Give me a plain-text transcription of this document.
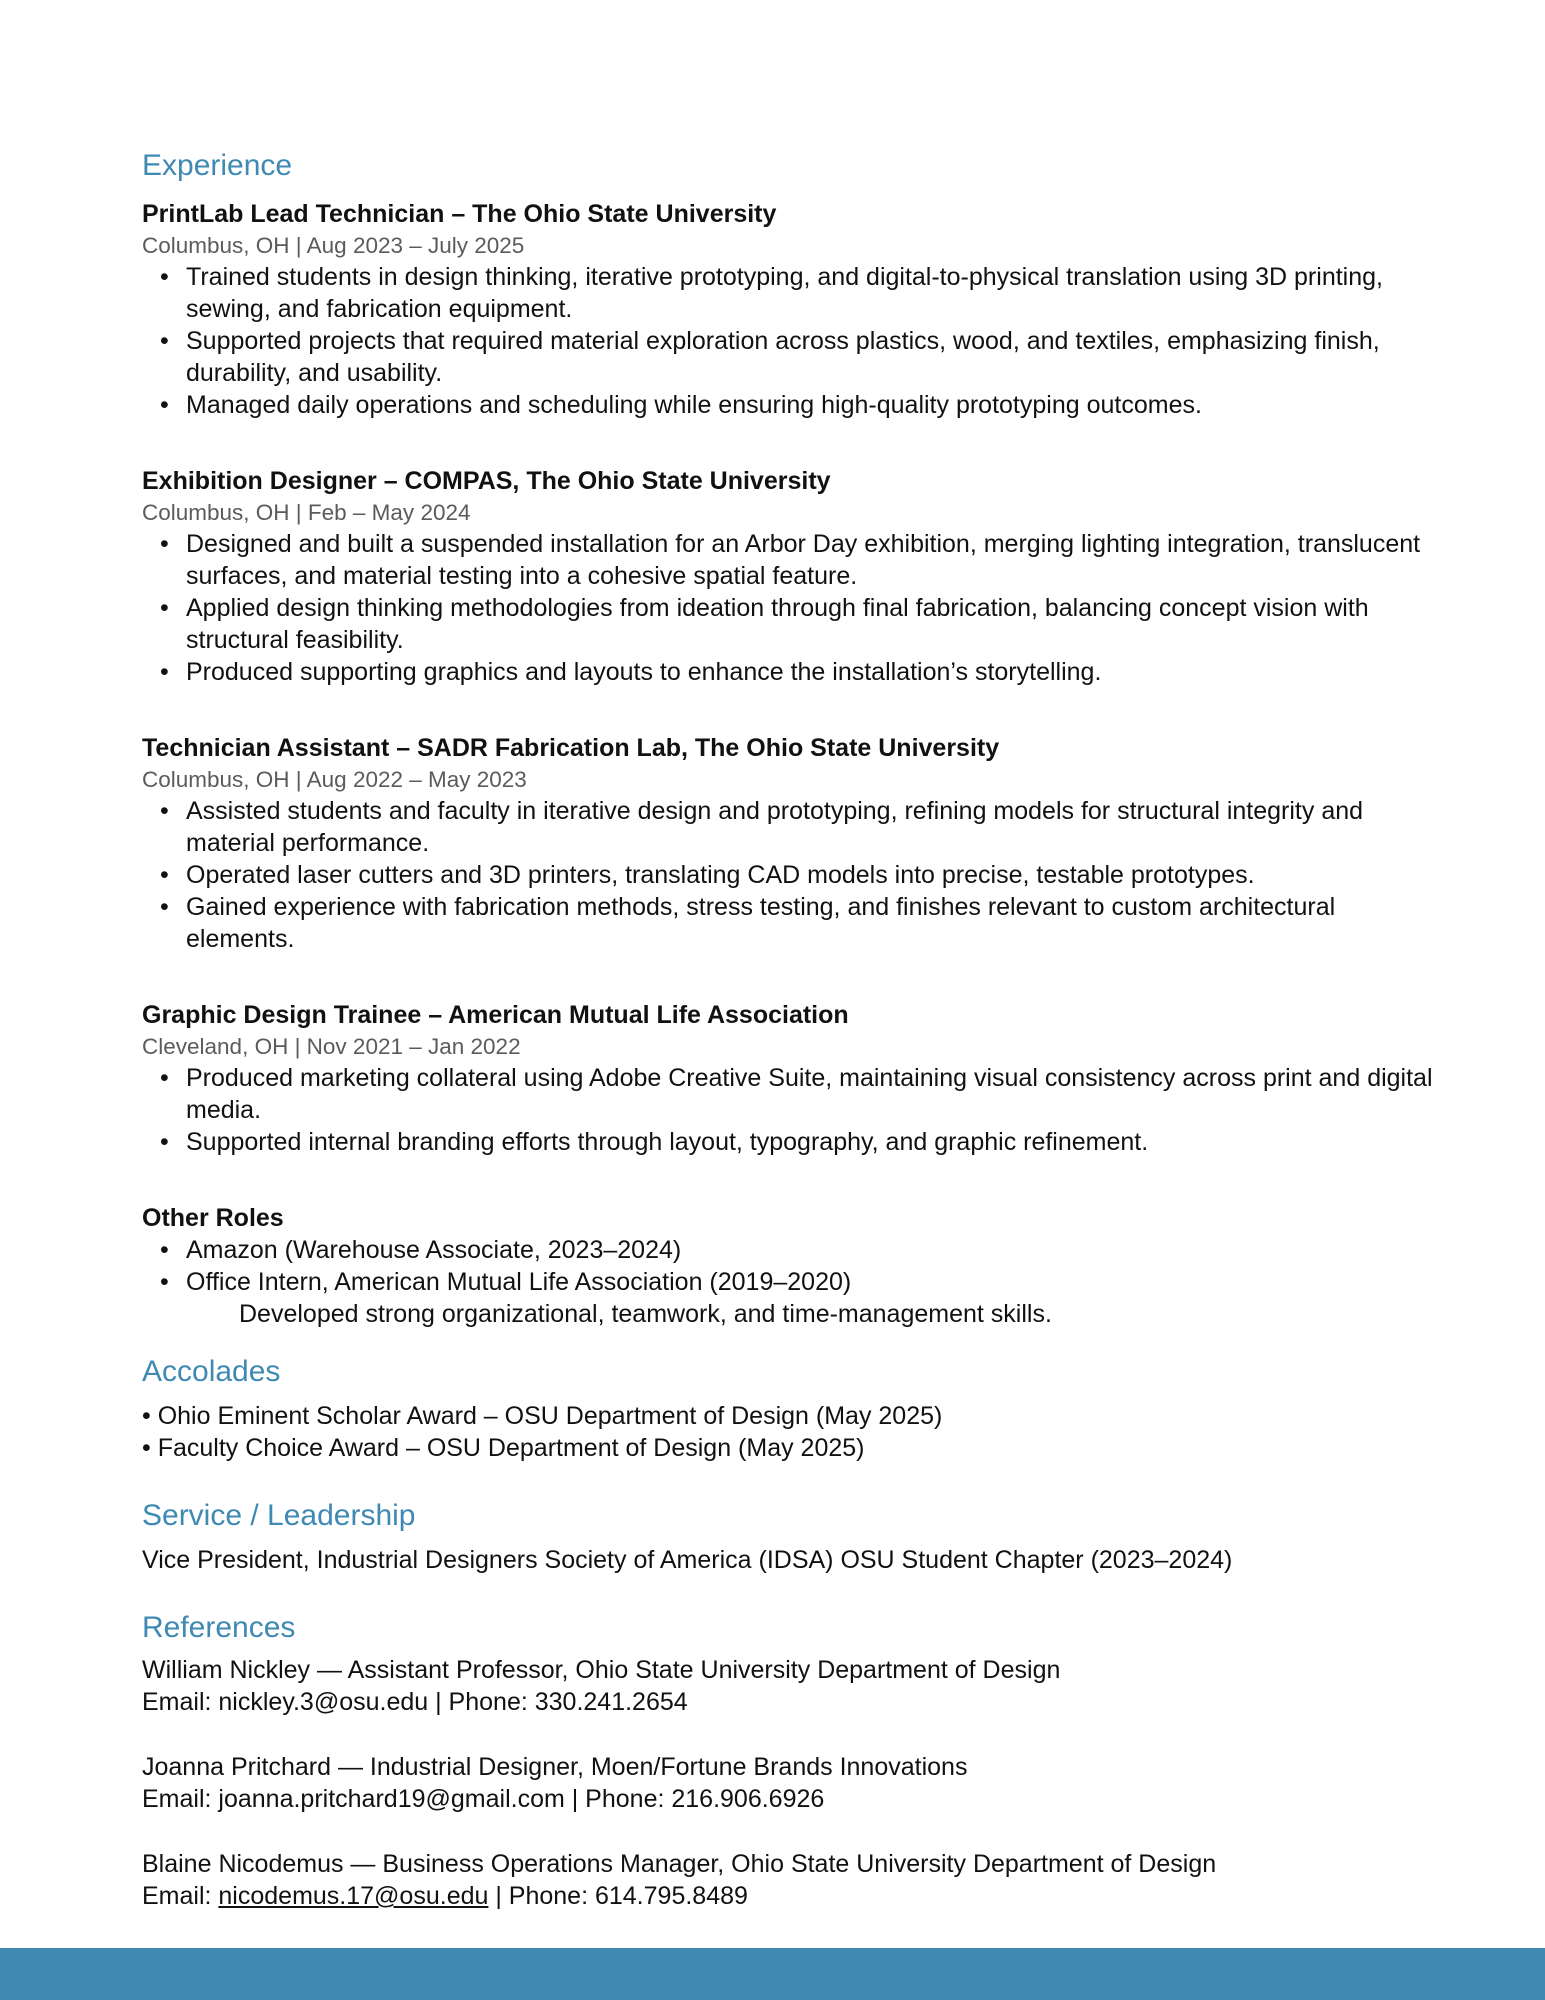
Experience

PrintLab Lead Technician – The Ohio State University

Columbus, OH | Aug 2023 – July 2025

• Trained students in design thinking, iterative prototyping, and digital-to-physical translation using 3D printing, sewing, and fabrication equipment.
• Supported projects that required material exploration across plastics, wood, and textiles, emphasizing finish, durability, and usability.
• Managed daily operations and scheduling while ensuring high-quality prototyping outcomes.

Exhibition Designer – COMPAS, The Ohio State University

Columbus, OH | Feb – May 2024

• Designed and built a suspended installation for an Arbor Day exhibition, merging lighting integration, translucent surfaces, and material testing into a cohesive spatial feature.
• Applied design thinking methodologies from ideation through final fabrication, balancing concept vision with structural feasibility.
• Produced supporting graphics and layouts to enhance the installation’s storytelling.

Technician Assistant – SADR Fabrication Lab, The Ohio State University

Columbus, OH | Aug 2022 – May 2023

• Assisted students and faculty in iterative design and prototyping, refining models for structural integrity and material performance.
• Operated laser cutters and 3D printers, translating CAD models into precise, testable prototypes.
• Gained experience with fabrication methods, stress testing, and finishes relevant to custom architectural elements.

Graphic Design Trainee – American Mutual Life Association

Cleveland, OH | Nov 2021 – Jan 2022

• Produced marketing collateral using Adobe Creative Suite, maintaining visual consistency across print and digital media.
• Supported internal branding efforts through layout, typography, and graphic refinement.

Other Roles

• Amazon (Warehouse Associate, 2023–2024)
• Office Intern, American Mutual Life Association (2019–2020)

Developed strong organizational, teamwork, and time-management skills.

Accolades

• Ohio Eminent Scholar Award – OSU Department of Design (May 2025)

• Faculty Choice Award – OSU Department of Design (May 2025)

Service / Leadership

Vice President, Industrial Designers Society of America (IDSA) OSU Student Chapter (2023–2024)

References

William Nickley — Assistant Professor, Ohio State University Department of Design

Email: nickley.3@osu.edu | Phone: 330.241.2654

Joanna Pritchard — Industrial Designer, Moen/Fortune Brands Innovations

Email: joanna.pritchard19@gmail.com | Phone: 216.906.6926

Blaine Nicodemus — Business Operations Manager, Ohio State University Department of Design

Email: nicodemus.17@osu.edu | Phone: 614.795.8489
